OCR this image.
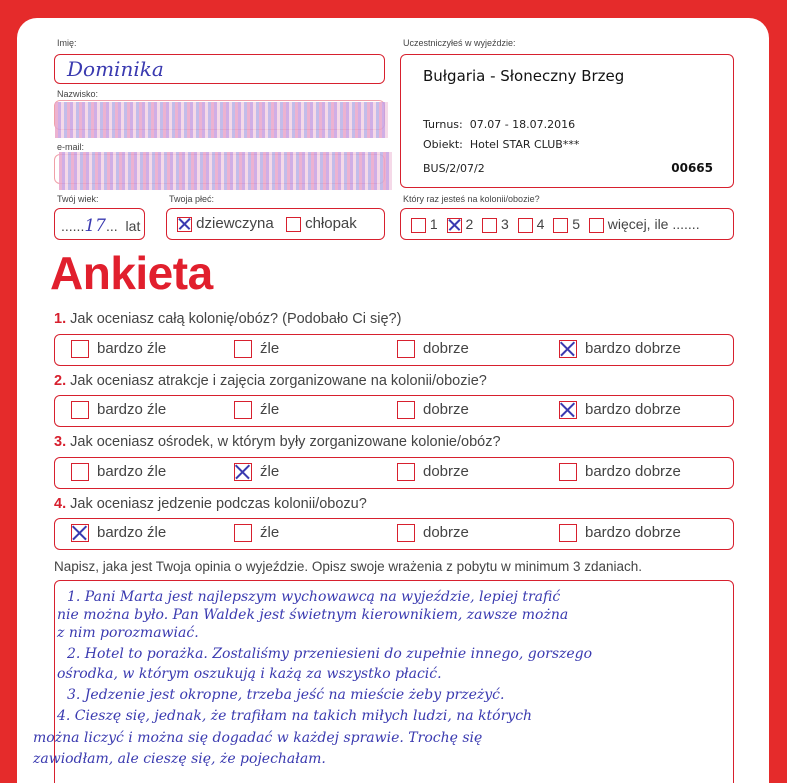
Imię:
Dominika
Nazwisko:
e-mail:
Twój wiek:
......17... lat
Twoja płeć:
dziewczyna chłopak
Uczestniczyłeś w wyjeździe:
Bułgaria - Słoneczny Brzeg
Turnus:  07.07 - 18.07.2016
Obiekt:  Hotel STAR CLUB***
BUS/2/07/2	00665
Który raz jesteś na kolonii/obozie?
1 2 3 4 5 więcej, ile .......
Ankieta
1. Jak oceniasz całą kolonię/obóz? (Podobało Ci się?)
bardzo źle	źle	dobrze	bardzo dobrze
2. Jak oceniasz atrakcje i zajęcia zorganizowane na kolonii/obozie?
bardzo źle	źle	dobrze	bardzo dobrze
3. Jak oceniasz ośrodek, w którym były zorganizowane kolonie/obóz?
bardzo źle	źle	dobrze	bardzo dobrze
4. Jak oceniasz jedzenie podczas kolonii/obozu?
bardzo źle	źle	dobrze	bardzo dobrze
Napisz, jaka jest Twoja opinia o wyjeździe. Opisz swoje wrażenia z pobytu w minimum 3 zdaniach.
1. Pani Marta jest najlepszym wychowawcą na wyjeździe, lepiej trafić
nie można było. Pan Waldek jest świetnym kierownikiem, zawsze można
z nim porozmawiać.
2. Hotel to porażka. Zostaliśmy przeniesieni do zupełnie innego, gorszego
ośrodka, w którym oszukują i każą za wszystko płacić.
3. Jedzenie jest okropne, trzeba jeść na mieście żeby przeżyć.
4. Cieszę się, jednak, że trafiłam na takich miłych ludzi, na których
można liczyć i można się dogadać w każdej sprawie. Trochę się
zawiodłam, ale cieszę się, że pojechałam.
